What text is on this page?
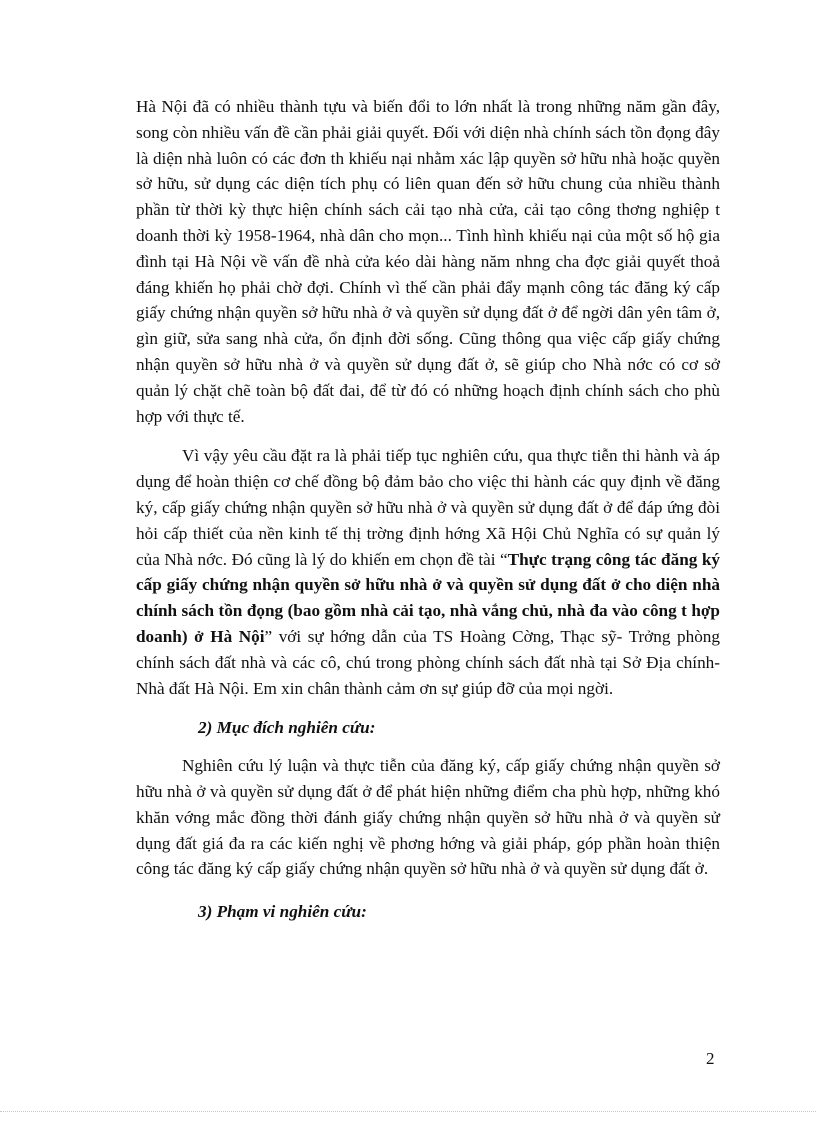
Hà Nội đã có nhiều thành tựu và biến đổi to lớn nhất là trong những năm gần đây, song còn nhiều vấn đề cần phải giải quyết. Đối với diện nhà chính sách tồn đọng đây là diện nhà luôn có các đơn th khiếu nại nhằm xác lập quyền sở hữu nhà hoặc quyền sở hữu, sử dụng các diện tích phụ có liên quan đến sở hữu chung của nhiều thành phần từ thời kỳ thực hiện chính sách cải tạo nhà cửa, cải tạo công thơng nghiệp t doanh thời kỳ 1958-1964, nhà dân cho mọn... Tình hình khiếu nại của một số hộ gia đình tại Hà Nội về vấn đề nhà cửa kéo dài hàng năm nhng cha đợc giải quyết thoả đáng khiến họ phải chờ đợi. Chính vì thế cần phải đẩy mạnh công tác đăng ký cấp giấy chứng nhận quyền sở hữu nhà ở và quyền sử dụng đất ở để ngời dân yên tâm ở, gìn giữ, sửa sang nhà cửa, ổn định đời sống. Cũng thông qua việc cấp giấy chứng nhận quyền sở hữu nhà ở và quyền sử dụng đất ở, sẽ giúp cho Nhà nớc có cơ sở quản lý chặt chẽ toàn bộ đất đai, để từ đó có những hoạch định chính sách cho phù hợp với thực tế.

Vì vậy yêu cầu đặt ra là phải tiếp tục nghiên cứu, qua thực tiễn thi hành và áp dụng để hoàn thiện cơ chế đồng bộ đảm bảo cho việc thi hành các quy định về đăng ký, cấp giấy chứng nhận quyền sở hữu nhà ở và quyền sử dụng đất ở để đáp ứng đòi hỏi cấp thiết của nền kinh tế thị trờng định hớng Xã Hội Chủ Nghĩa có sự quản lý của Nhà nớc. Đó cũng là lý do khiến em chọn đề tài “Thực trạng công tác đăng ký cấp giấy chứng nhận quyền sở hữu nhà ở và quyền sử dụng đất ở cho diện nhà chính sách tồn đọng (bao gồm nhà cải tạo, nhà vắng chủ, nhà đa vào công t hợp doanh) ở Hà Nội” với sự hớng dẫn của TS Hoàng Cờng, Thạc sỹ- Trởng phòng chính sách đất nhà và các cô, chú trong phòng chính sách đất nhà tại Sở Địa chính- Nhà đất Hà Nội. Em xin chân thành cảm ơn sự giúp đỡ của mọi ngời.

2) Mục đích nghiên cứu:

Nghiên cứu lý luận và thực tiễn của đăng ký, cấp giấy chứng nhận quyền sở hữu nhà ở và quyền sử dụng đất ở để phát hiện những điểm cha phù hợp, những khó khăn vớng mắc đồng thời đánh giấy chứng nhận quyền sở hữu nhà ở và quyền sử dụng đất giá đa ra các kiến nghị về phơng hớng và giải pháp, góp phần hoàn thiện công tác đăng ký cấp giấy chứng nhận quyền sở hữu nhà ở và quyền sử dụng đất ở.

3) Phạm vi nghiên cứu:

2
